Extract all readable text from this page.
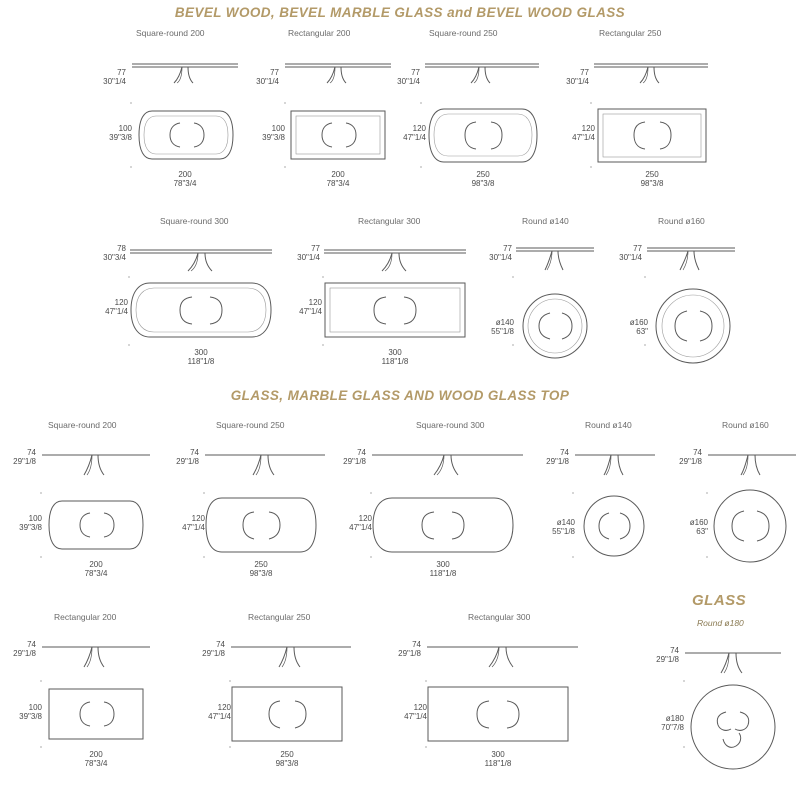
BEVEL WOOD, BEVEL MARBLE GLASS and BEVEL WOOD GLASS
Square-round 200
77
30"1/4
100
39"3/8
200
78"3/4
Rectangular 200
77
30"1/4
100
39"3/8
200
78"3/4
Square-round 250
77
30"1/4
120
47"1/4
250
98"3/8
Rectangular 250
77
30"1/4
120
47"1/4
250
98"3/8
Square-round 300
78
30"3/4
120
47"1/4
300
118"1/8
Rectangular 300
77
30"1/4
120
47"1/4
300
118"1/8
Round ø140
77
30"1/4
ø140
55"1/8
Round ø160
77
30"1/4
ø160
63"
GLASS, MARBLE GLASS AND WOOD GLASS TOP
Square-round 200
74
29"1/8
100
39"3/8
200
78"3/4
Square-round 250
74
29"1/8
120
47"1/4
250
98"3/8
Square-round 300
74
29"1/8
120
47"1/4
300
118"1/8
Round ø140
74
29"1/8
ø140
55"1/8
Round ø160
74
29"1/8
ø160
63"
Rectangular 200
74
29"1/8
100
39"3/8
200
78"3/4
Rectangular 250
74
29"1/8
120
47"1/4
250
98"3/8
Rectangular 300
74
29"1/8
120
47"1/4
300
118"1/8
GLASS
Round ø180
74
29"1/8
ø180
70"7/8
